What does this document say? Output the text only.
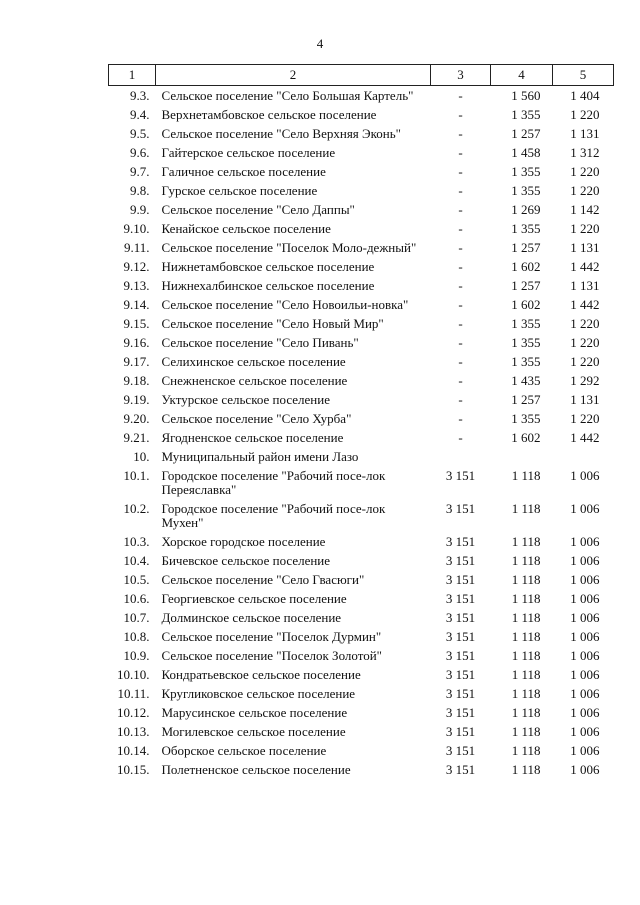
4
1	2	3	4	5
9.3.	Сельское поселение "Село Большая Картель"	-	1 560	1 404
9.4.	Верхнетамбовское сельское поселение	-	1 355	1 220
9.5.	Сельское поселение "Село Верхняя Эконь"	-	1 257	1 131
9.6.	Гайтерское сельское поселение	-	1 458	1 312
9.7.	Галичное сельское поселение	-	1 355	1 220
9.8.	Гурское сельское поселение	-	1 355	1 220
9.9.	Сельское поселение "Село Даппы"	-	1 269	1 142
9.10.	Кенайское сельское поселение	-	1 355	1 220
9.11.	Сельское поселение "Поселок Моло-дежный"	-	1 257	1 131
9.12.	Нижнетамбовское сельское поселение	-	1 602	1 442
9.13.	Нижнехалбинское сельское поселение	-	1 257	1 131
9.14.	Сельское поселение "Село Новоильи-новка"	-	1 602	1 442
9.15.	Сельское поселение "Село Новый Мир"	-	1 355	1 220
9.16.	Сельское поселение "Село Пивань"	-	1 355	1 220
9.17.	Селихинское сельское поселение	-	1 355	1 220
9.18.	Снежненское сельское поселение	-	1 435	1 292
9.19.	Уктурское сельское поселение	-	1 257	1 131
9.20.	Сельское поселение "Село Хурба"	-	1 355	1 220
9.21.	Ягодненское сельское поселение	-	1 602	1 442
10.	Муниципальный район имени Лазо			
10.1.	Городское поселение "Рабочий посе-лок Переяславка"	3 151	1 118	1 006
10.2.	Городское поселение "Рабочий посе-лок Мухен"	3 151	1 118	1 006
10.3.	Хорское городское поселение	3 151	1 118	1 006
10.4.	Бичевское сельское поселение	3 151	1 118	1 006
10.5.	Сельское поселение "Село Гвасюги"	3 151	1 118	1 006
10.6.	Георгиевское сельское поселение	3 151	1 118	1 006
10.7.	Долминское сельское поселение	3 151	1 118	1 006
10.8.	Сельское поселение "Поселок Дурмин"	3 151	1 118	1 006
10.9.	Сельское поселение "Поселок Золотой"	3 151	1 118	1 006
10.10.	Кондратьевское сельское поселение	3 151	1 118	1 006
10.11.	Кругликовское сельское поселение	3 151	1 118	1 006
10.12.	Марусинское сельское поселение	3 151	1 118	1 006
10.13.	Могилевское сельское поселение	3 151	1 118	1 006
10.14.	Оборское сельское поселение	3 151	1 118	1 006
10.15.	Полетненское сельское поселение	3 151	1 118	1 006
